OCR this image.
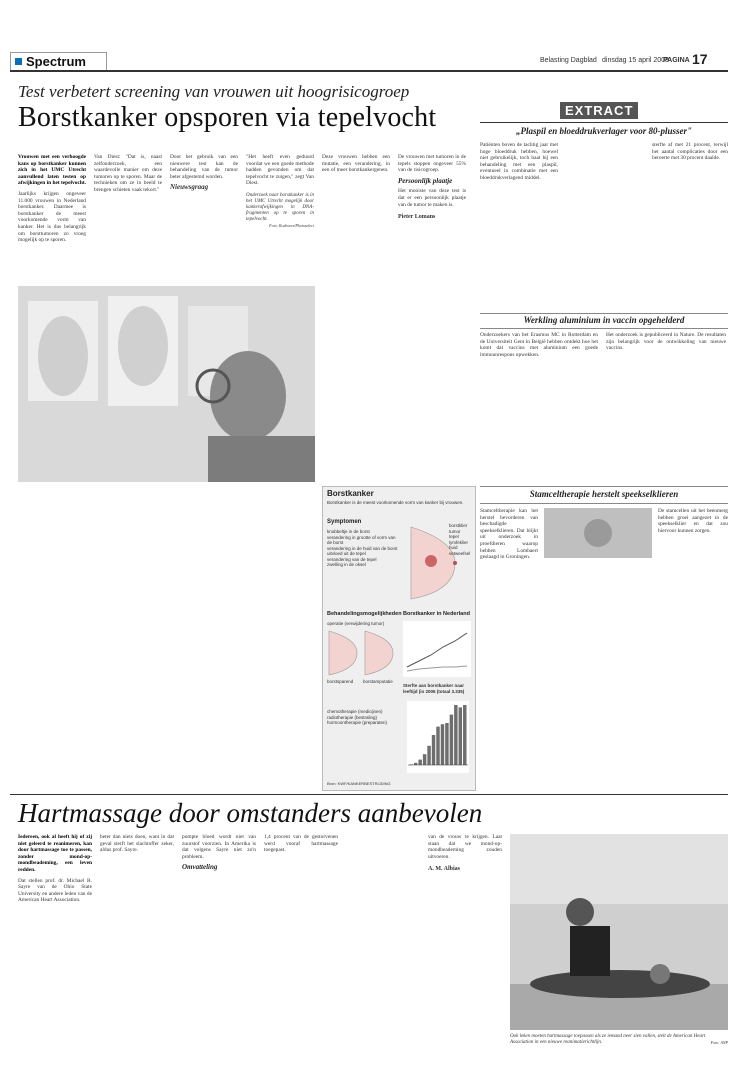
Spectrum	Belasting Dagblad dinsdag 15 april 2008
PAGINA 17
Test verbetert screening van vrouwen uit hoogrisicogroep
Borstkanker opsporen via tepelvocht
Vrouwen met een verhoogde kans op borstkanker kunnen zich in het UMC Utrecht aanvullend laten testen op afwijkingen in het tepelvocht.
Jaarlijks krijgen ongeveer 11.000 vrouwen in Nederland borstkanker. Daarmee is borstkanker de meest voorkomende vorm van kanker. Het is dus belangrijk om borsttumoren zo vroeg mogelijk op te sporen.
Van Diest: "Dat is, naast zelfonderzoek, een waardevolle manier om deze tumoren op te sporen. Maar de technieken om ze in beeld te brengen schieten vaak tekort."
Door het gebruik van een nieuwere test kan de behandeling van de tumor beter afgestemd worden.
Nieuwsgraag
"Het heeft even geduurd voordat we een goede methode hadden gevonden om dat tepelvocht te zuigen," zegt Van Diest.
Onderzoek naar borstkanker is in het UMC Utrecht mogelijk door kankerafwijkingen in DNA-fragmenten op te sporen in tepelvocht.
Foto: Rodeorex/Photoselect
Deze vrouwen hebben een mutatie, een verandering, in een of meer borstkankergenen.
De vrouwen met tumoren in de tepels stoppen ongeveer 55% van de risicogroep.
Persoonlijk plaatje
Het mooiste van deze test is dat er een persoonlijk plaatje van de tumor te maken is.
Pieter Lomans
EXTRACT
„Plaspil en bloeddrukverlager voor 80-plusser"
Patiënten boven de tachtig jaar met hoge bloeddruk hebben, hoewel niet gebruikelijk, toch baat bij een behandeling met een plaspil, eventueel in combinatie met een bloeddrukverlagend middel.
sterfte af met 21 procent, terwijl het aantal complicaties door een beroerte met 30 procent daalde.
Werkling aluminium in vaccin opgehelderd
Onderzoekers van het Erasmus MC in Rotterdam en de Universiteit Gent in België hebben ontdekt hoe het komt dat vaccins met aluminium een goede immuunrespons opwekken.
Het onderzoek is gepubliceerd in Nature. De resultaten zijn belangrijk voor de ontwikkeling van nieuwe vaccins.
Borstkanker
Borstkanker is de meest voorkomende vorm van kanker bij vrouwen.
Symptomen
knobbeltje in de borst
verandering in grootte of vorm van de borst
verandering in de huid van de borst
uitvloed uit de tepel
verandering van de tepel
zwelling in de oksel
borstklier
tumor
tepel
lymfeklier
huid
vetweefsel
Behandelingsmogelijkheden
operatie (verwijdering tumor)
borstsparend borstamputatie
chemotherapie (medicijnen)
radiotherapie (bestraling)
hormoontherapie (preparaten)
Borstkanker in Nederland
Sterfte aan borstkanker naar leeftijd (in 2006 (totaal 3.335)
Bron: KWF/KANKERBESTRIJDING
Stamceltherapie herstelt speekselklieren
Stamceltherapie kan het herstel bevorderen van beschadigde speekselklieren. Dat blijkt uit onderzoek in proefdieren waarop hebben Lombaert geslaagd in Groningen.
De stamcellen uit het beenmerg hebben groei aangezet in de speekselklier en dat zou hiervoor kunnen zorgen.
Hartmassage door omstanders aanbevolen
Iedereen, ook al heeft hij of zij niet geleerd te reanimeren, kan door hartmassage toe te passen, zonder mond-op-mondbeademing, een leven redden.
Dat stellen prof. dr. Michael R. Sayre van de Ohio State University en andere leden van de American Heart Association.
beter dan niets doen, want in dat geval sterft het slachtoffer zeker, aldus prof. Sayre.
pompte bloed wordt niet van zuurstof voorzien. In Amerika is dat volgens Sayre niet zo'n probleem.
Omvatteling
1,4 procent van de gestorvenen werd vooraf hartmassage toegepast.
van de vrouw te krijgen. Laat staan dat we mond-op-mondbeademing zouden uitvoeren.
A. M. Albias
Ook leken moeten hartmassage toepassen als ze iemand neer zien vallen, stelt de American Heart Association in een nieuwe reanimatierichtlijn.	Foto: ANP
